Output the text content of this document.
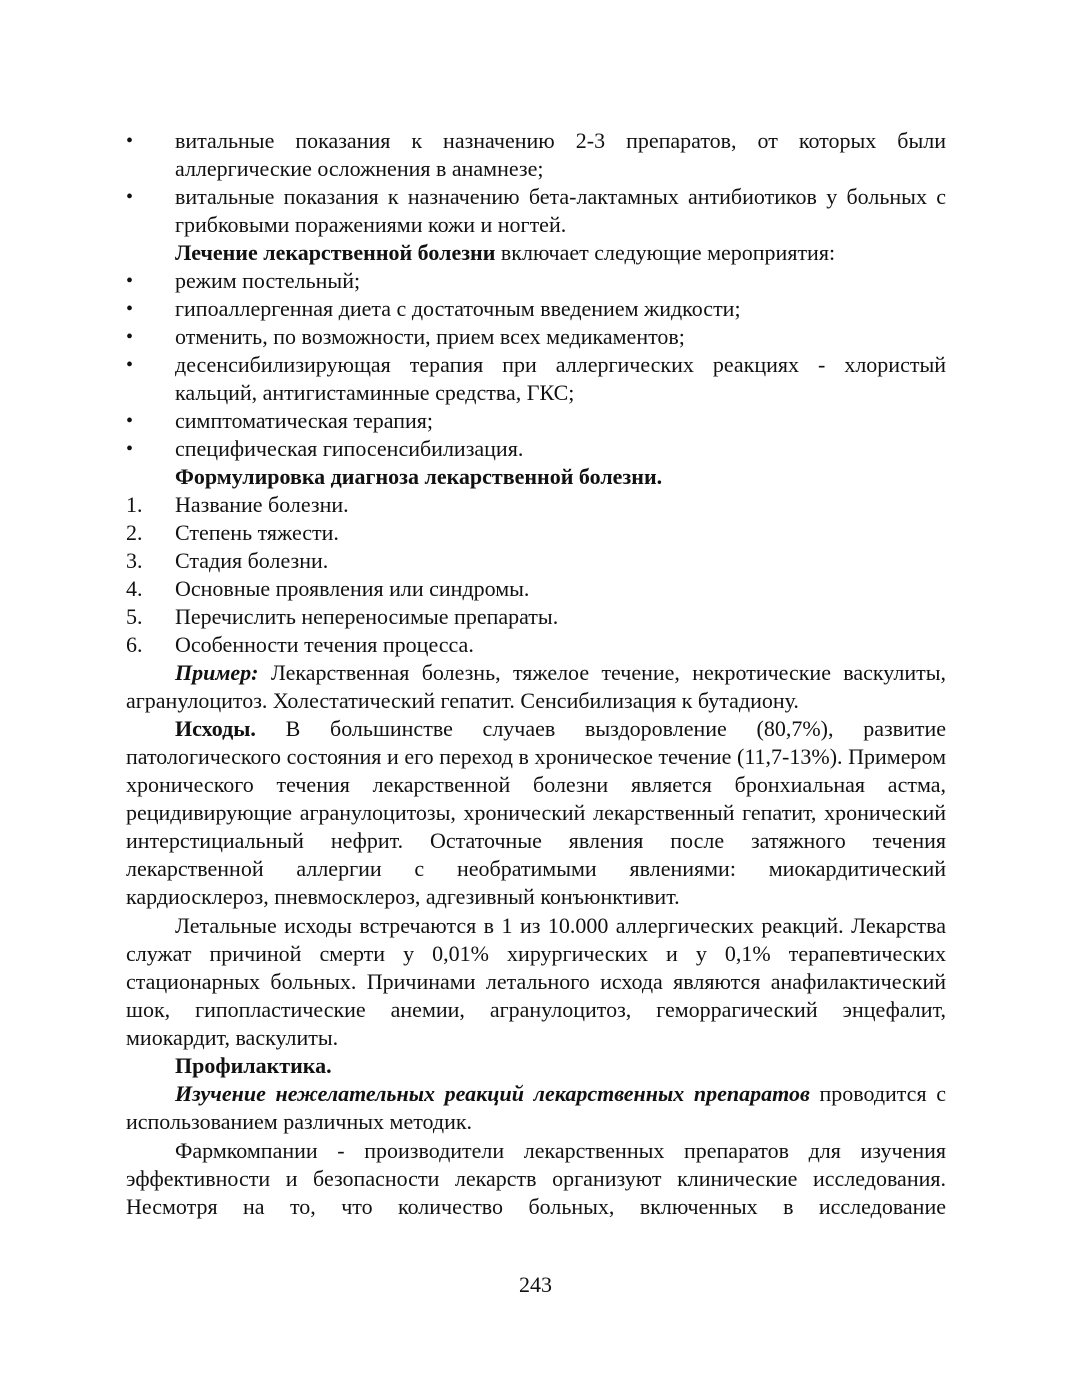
• витальные показания к назначению 2-3 препаратов, от которых были аллергические осложнения в анамнезе;
• витальные показания к назначению бета-лактамных антибиотиков у больных с грибковыми поражениями кожи и ногтей.
Лечение лекарственной болезни включает следующие мероприятия:
• режим постельный;
• гипоаллергенная диета с достаточным введением жидкости;
• отменить, по возможности, прием всех медикаментов;
• десенсибилизирующая терапия при аллергических реакциях - хлористый кальций, антигистаминные средства, ГКС;
• симптоматическая терапия;
• специфическая гипосенсибилизация.
Формулировка диагноза лекарственной болезни.
1. Название болезни.
2. Степень тяжести.
3. Стадия болезни.
4. Основные проявления или синдромы.
5. Перечислить непереносимые препараты.
6. Особенности течения процесса.
Пример: Лекарственная болезнь, тяжелое течение, некротические васкулиты, агранулоцитоз. Холестатический гепатит. Сенсибилизация к бутадиону.
Исходы. В большинстве случаев выздоровление (80,7%), развитие патологического состояния и его переход в хроническое течение (11,7-13%). Примером хронического течения лекарственной болезни является бронхиальная астма, рецидивирующие агранулоцитозы, хронический лекарственный гепатит, хронический интерстициальный нефрит. Остаточные явления после затяжного течения лекарственной аллергии с необратимыми явлениями: миокардитический кардиосклероз, пневмосклероз, адгезивный конъюнктивит.
Летальные исходы встречаются в 1 из 10.000 аллергических реакций. Лекарства служат причиной смерти у 0,01% хирургических и у 0,1% терапевтических стационарных больных. Причинами летального исхода являются анафилактический шок, гипопластические анемии, агранулоцитоз, геморрагический энцефалит, миокардит, васкулиты.
Профилактика.
Изучение нежелательных реакций лекарственных препаратов проводится с использованием различных методик.
Фармкомпании - производители лекарственных препаратов для изучения эффективности и безопасности лекарств организуют клинические исследования. Несмотря на то, что количество больных, включенных в исследование
243
